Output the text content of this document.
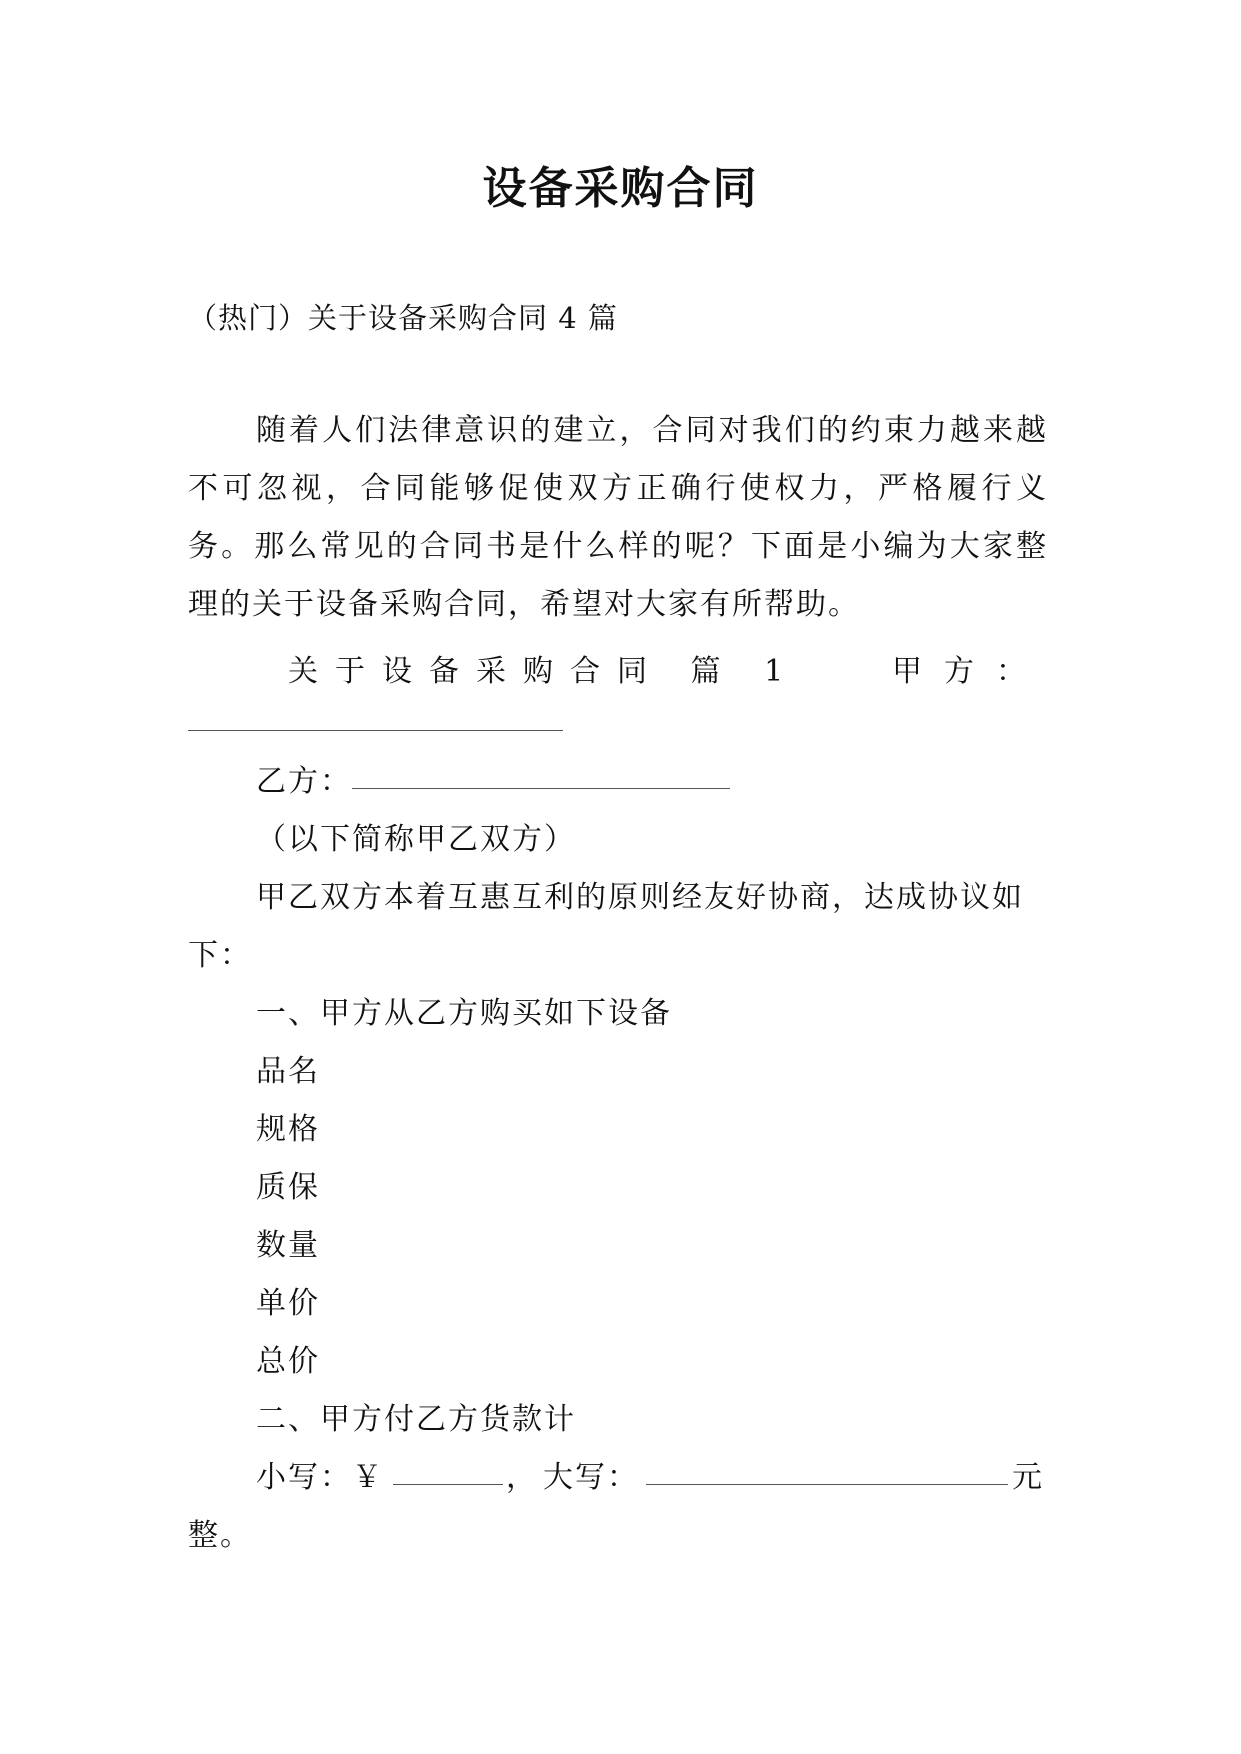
设备采购合同
（热门）关于设备采购合同 4 篇
随着人们法律意识的建立，合同对我们的约束力越来越不可忽视，合同能够促使双方正确行使权力，严格履行义务。那么常见的合同书是什么样的呢？下面是小编为大家整理的关于设备采购合同，希望对大家有所帮助。
关于设备采购合同 篇 1	甲方：
乙方：
（以下简称甲乙双方）
甲乙双方本着互惠互利的原则经友好协商，达成协议如
下：
一、甲方从乙方购买如下设备
品名
规格
质保
数量
单价
总价
二、甲方付乙方货款计
小写：￥	， 大写：	元
整。
